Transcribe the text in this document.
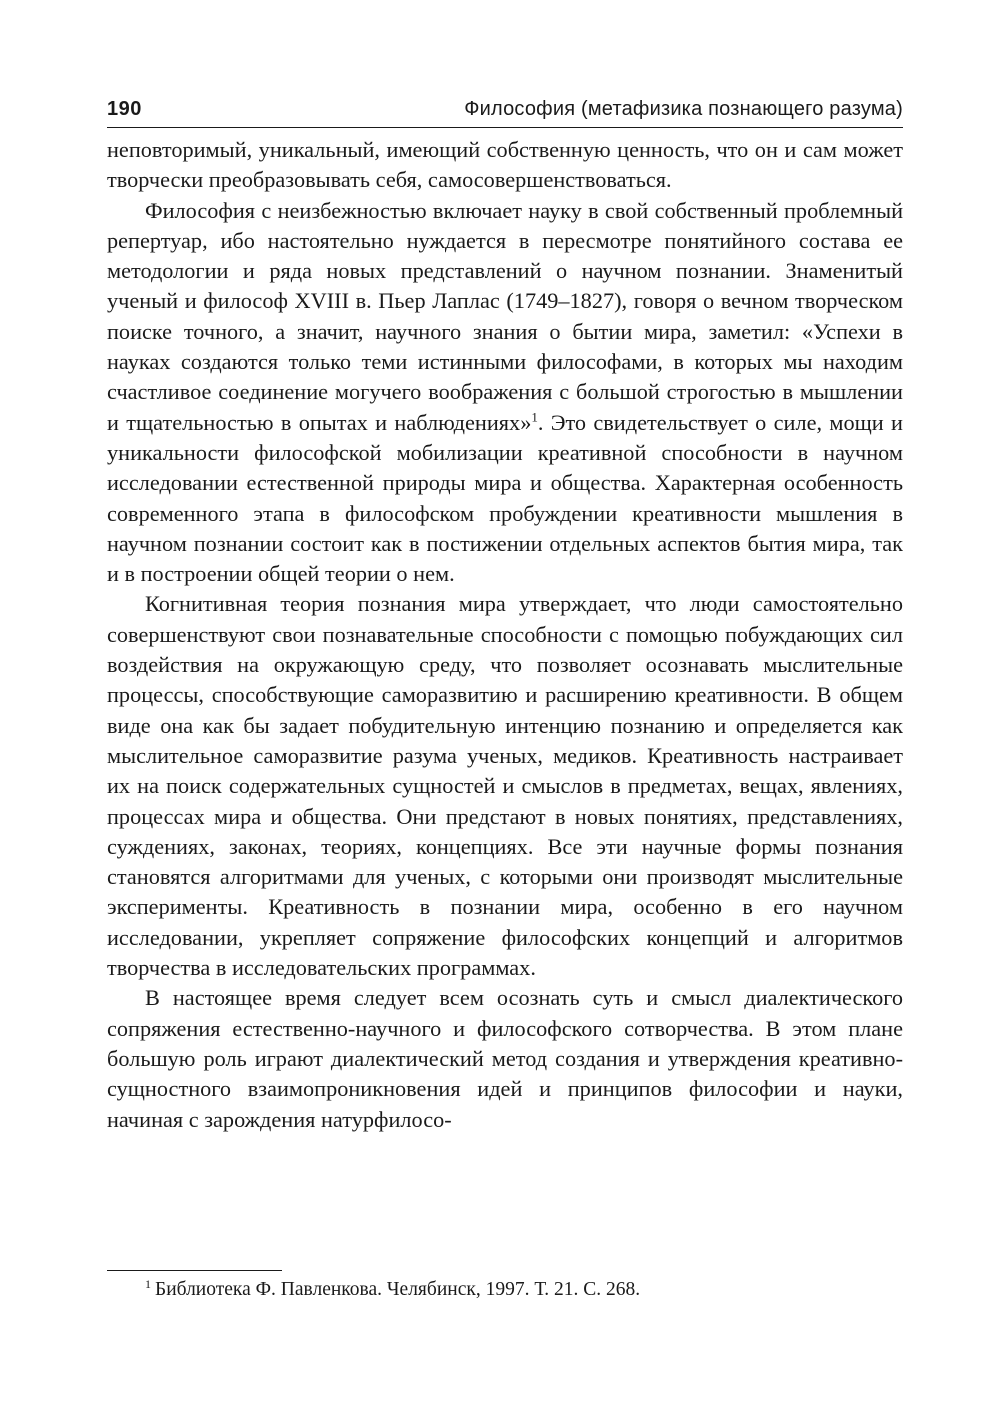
190	Философия (метафизика познающего разума)

неповторимый, уникальный, имеющий собственную ценность, что он и сам может творчески преобразовывать себя, самосовершенствоваться.

Философия с неизбежностью включает науку в свой собственный проблемный репертуар, ибо настоятельно нуждается в пересмотре понятийного состава ее методологии и ряда новых представлений о научном познании. Знаменитый ученый и философ XVIII в. Пьер Лаплас (1749–1827), говоря о вечном творческом поиске точного, а значит, научного знания о бытии мира, заметил: «Успехи в науках создаются только теми истинными философами, в которых мы находим счастливое соединение могучего воображения с большой строгостью в мышлении и тщательностью в опытах и наблюдениях»$^1$. Это свидетельствует о силе, мощи и уникальности философской мобилизации креативной способности в научном исследовании естественной природы мира и общества. Характерная особенность современного этапа в философском пробуждении креативности мышления в научном познании состоит как в постижении отдельных аспектов бытия мира, так и в построении общей теории о нем.

Когнитивная теория познания мира утверждает, что люди самостоятельно совершенствуют свои познавательные способности с помощью побуждающих сил воздействия на окружающую среду, что позволяет осознавать мыслительные процессы, способствующие саморазвитию и расширению креативности. В общем виде она как бы задает побудительную интенцию познанию и определяется как мыслительное саморазвитие разума ученых, медиков. Креативность настраивает их на поиск содержательных сущностей и смыслов в предметах, вещах, явлениях, процессах мира и общества. Они предстают в новых понятиях, представлениях, суждениях, законах, теориях, концепциях. Все эти научные формы познания становятся алгоритмами для ученых, с которыми они производят мыслительные эксперименты. Креативность в познании мира, особенно в его научном исследовании, укрепляет сопряжение философских концепций и алгоритмов творчества в исследовательских программах.

В настоящее время следует всем осознать суть и смысл диалектического сопряжения естественно-научного и философского сотворчества. В этом плане большую роль играют диалектический метод создания и утверждения креативно-сущностного взаимопроникновения идей и принципов философии и науки, начиная с зарождения натурфилосо-

$^1$ Библиотека Ф. Павленкова. Челябинск, 1997. Т. 21. С. 268.
